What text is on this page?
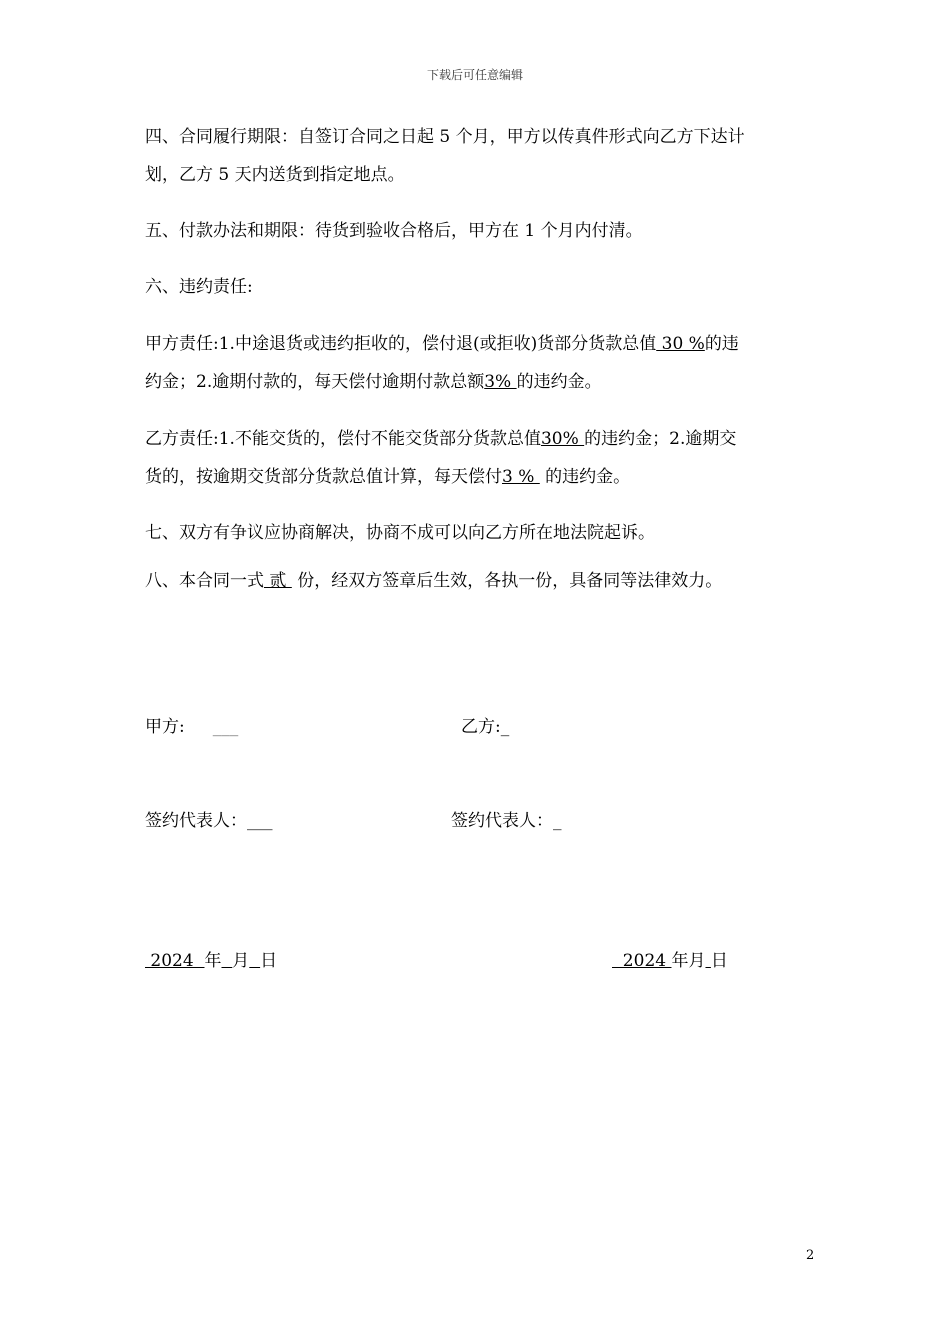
下载后可任意编辑
四、合同履行期限：自签订合同之日起 5 个月，甲方以传真件形式向乙方下达计
划，乙方 5 天内送货到指定地点。
五、付款办法和期限：待货到验收合格后，甲方在 1 个月内付清。
六、违约责任:
甲方责任:1.中途退货或违约拒收的，偿付退(或拒收)货部分货款总值 30 %的违
约金；2.逾期付款的，每天偿付逾期付款总额3% 的违约金。
乙方责任:1.不能交货的，偿付不能交货部分货款总值30% 的违约金；2.逾期交
货的，按逾期交货部分货款总值计算，每天偿付3 %  的违约金。
七、双方有争议应协商解决，协商不成可以向乙方所在地法院起诉。
八、本合同一式 贰  份，经双方签章后生效，各执一份，具备同等法律效力。
甲方: ___	乙方:_
签约代表人：___	签约代表人：_
2024  年 月 日	2024 年月 日
2
